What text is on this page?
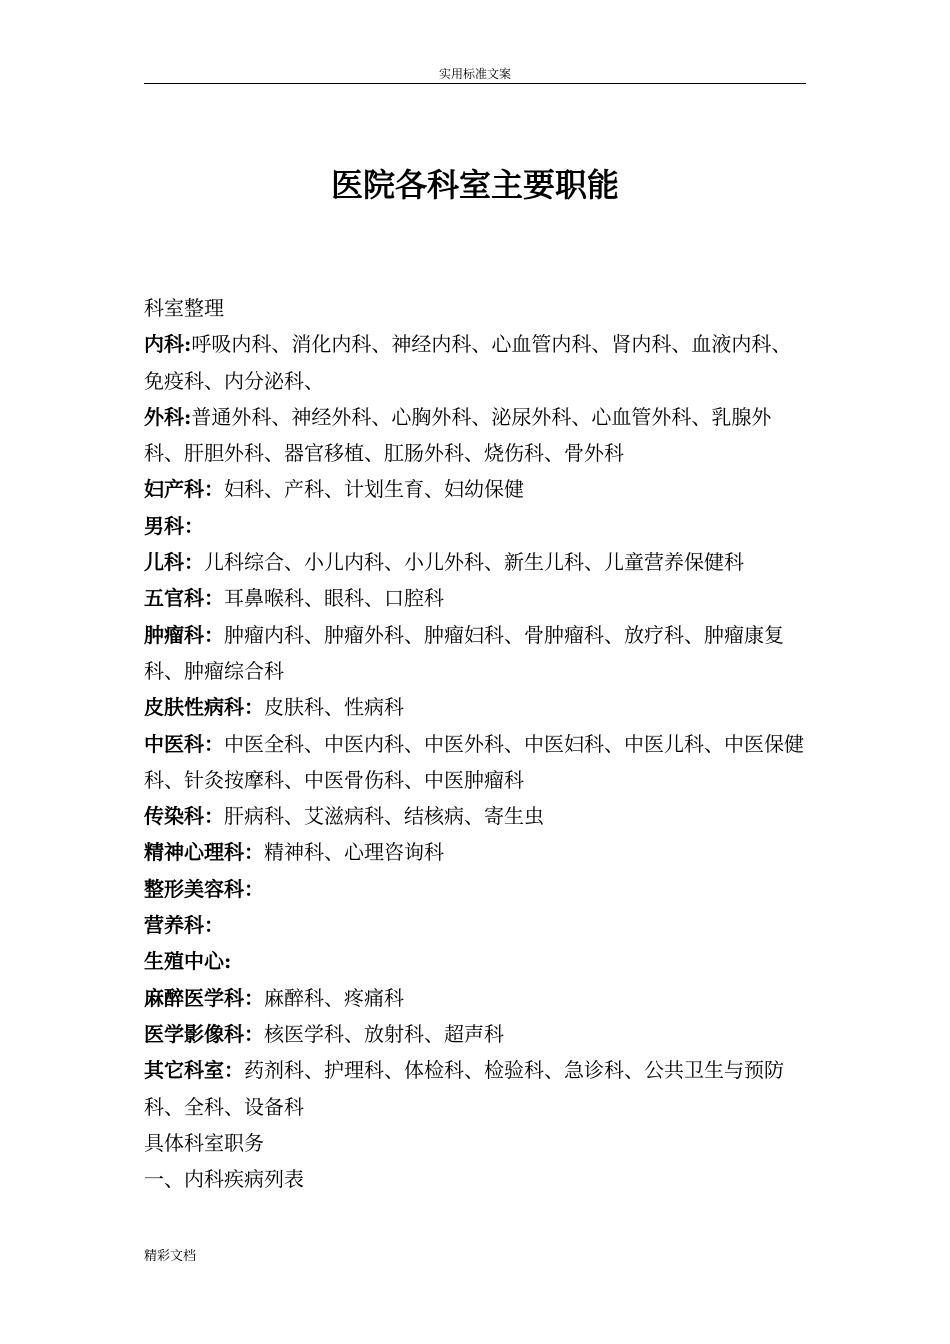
实用标准文案
医院各科室主要职能

科室整理

内科:呼吸内科、消化内科、神经内科、心血管内科、肾内科、血液内科、免疫科、内分泌科、

外科:普通外科、神经外科、心胸外科、泌尿外科、心血管外科、乳腺外科、肝胆外科、器官移植、肛肠外科、烧伤科、骨外科

妇产科：妇科、产科、计划生育、妇幼保健

男科：

儿科：儿科综合、小儿内科、小儿外科、新生儿科、儿童营养保健科

五官科：耳鼻喉科、眼科、口腔科

肿瘤科：肿瘤内科、肿瘤外科、肿瘤妇科、骨肿瘤科、放疗科、肿瘤康复科、肿瘤综合科

皮肤性病科：皮肤科、性病科

中医科：中医全科、中医内科、中医外科、中医妇科、中医儿科、中医保健科、针灸按摩科、中医骨伤科、中医肿瘤科

传染科：肝病科、艾滋病科、结核病、寄生虫

精神心理科：精神科、心理咨询科

整形美容科：

营养科：

生殖中心:

麻醉医学科：麻醉科、疼痛科

医学影像科：核医学科、放射科、超声科

其它科室：药剂科、护理科、体检科、检验科、急诊科、公共卫生与预防科、全科、设备科

具体科室职务

一、内科疾病列表

精彩文档
